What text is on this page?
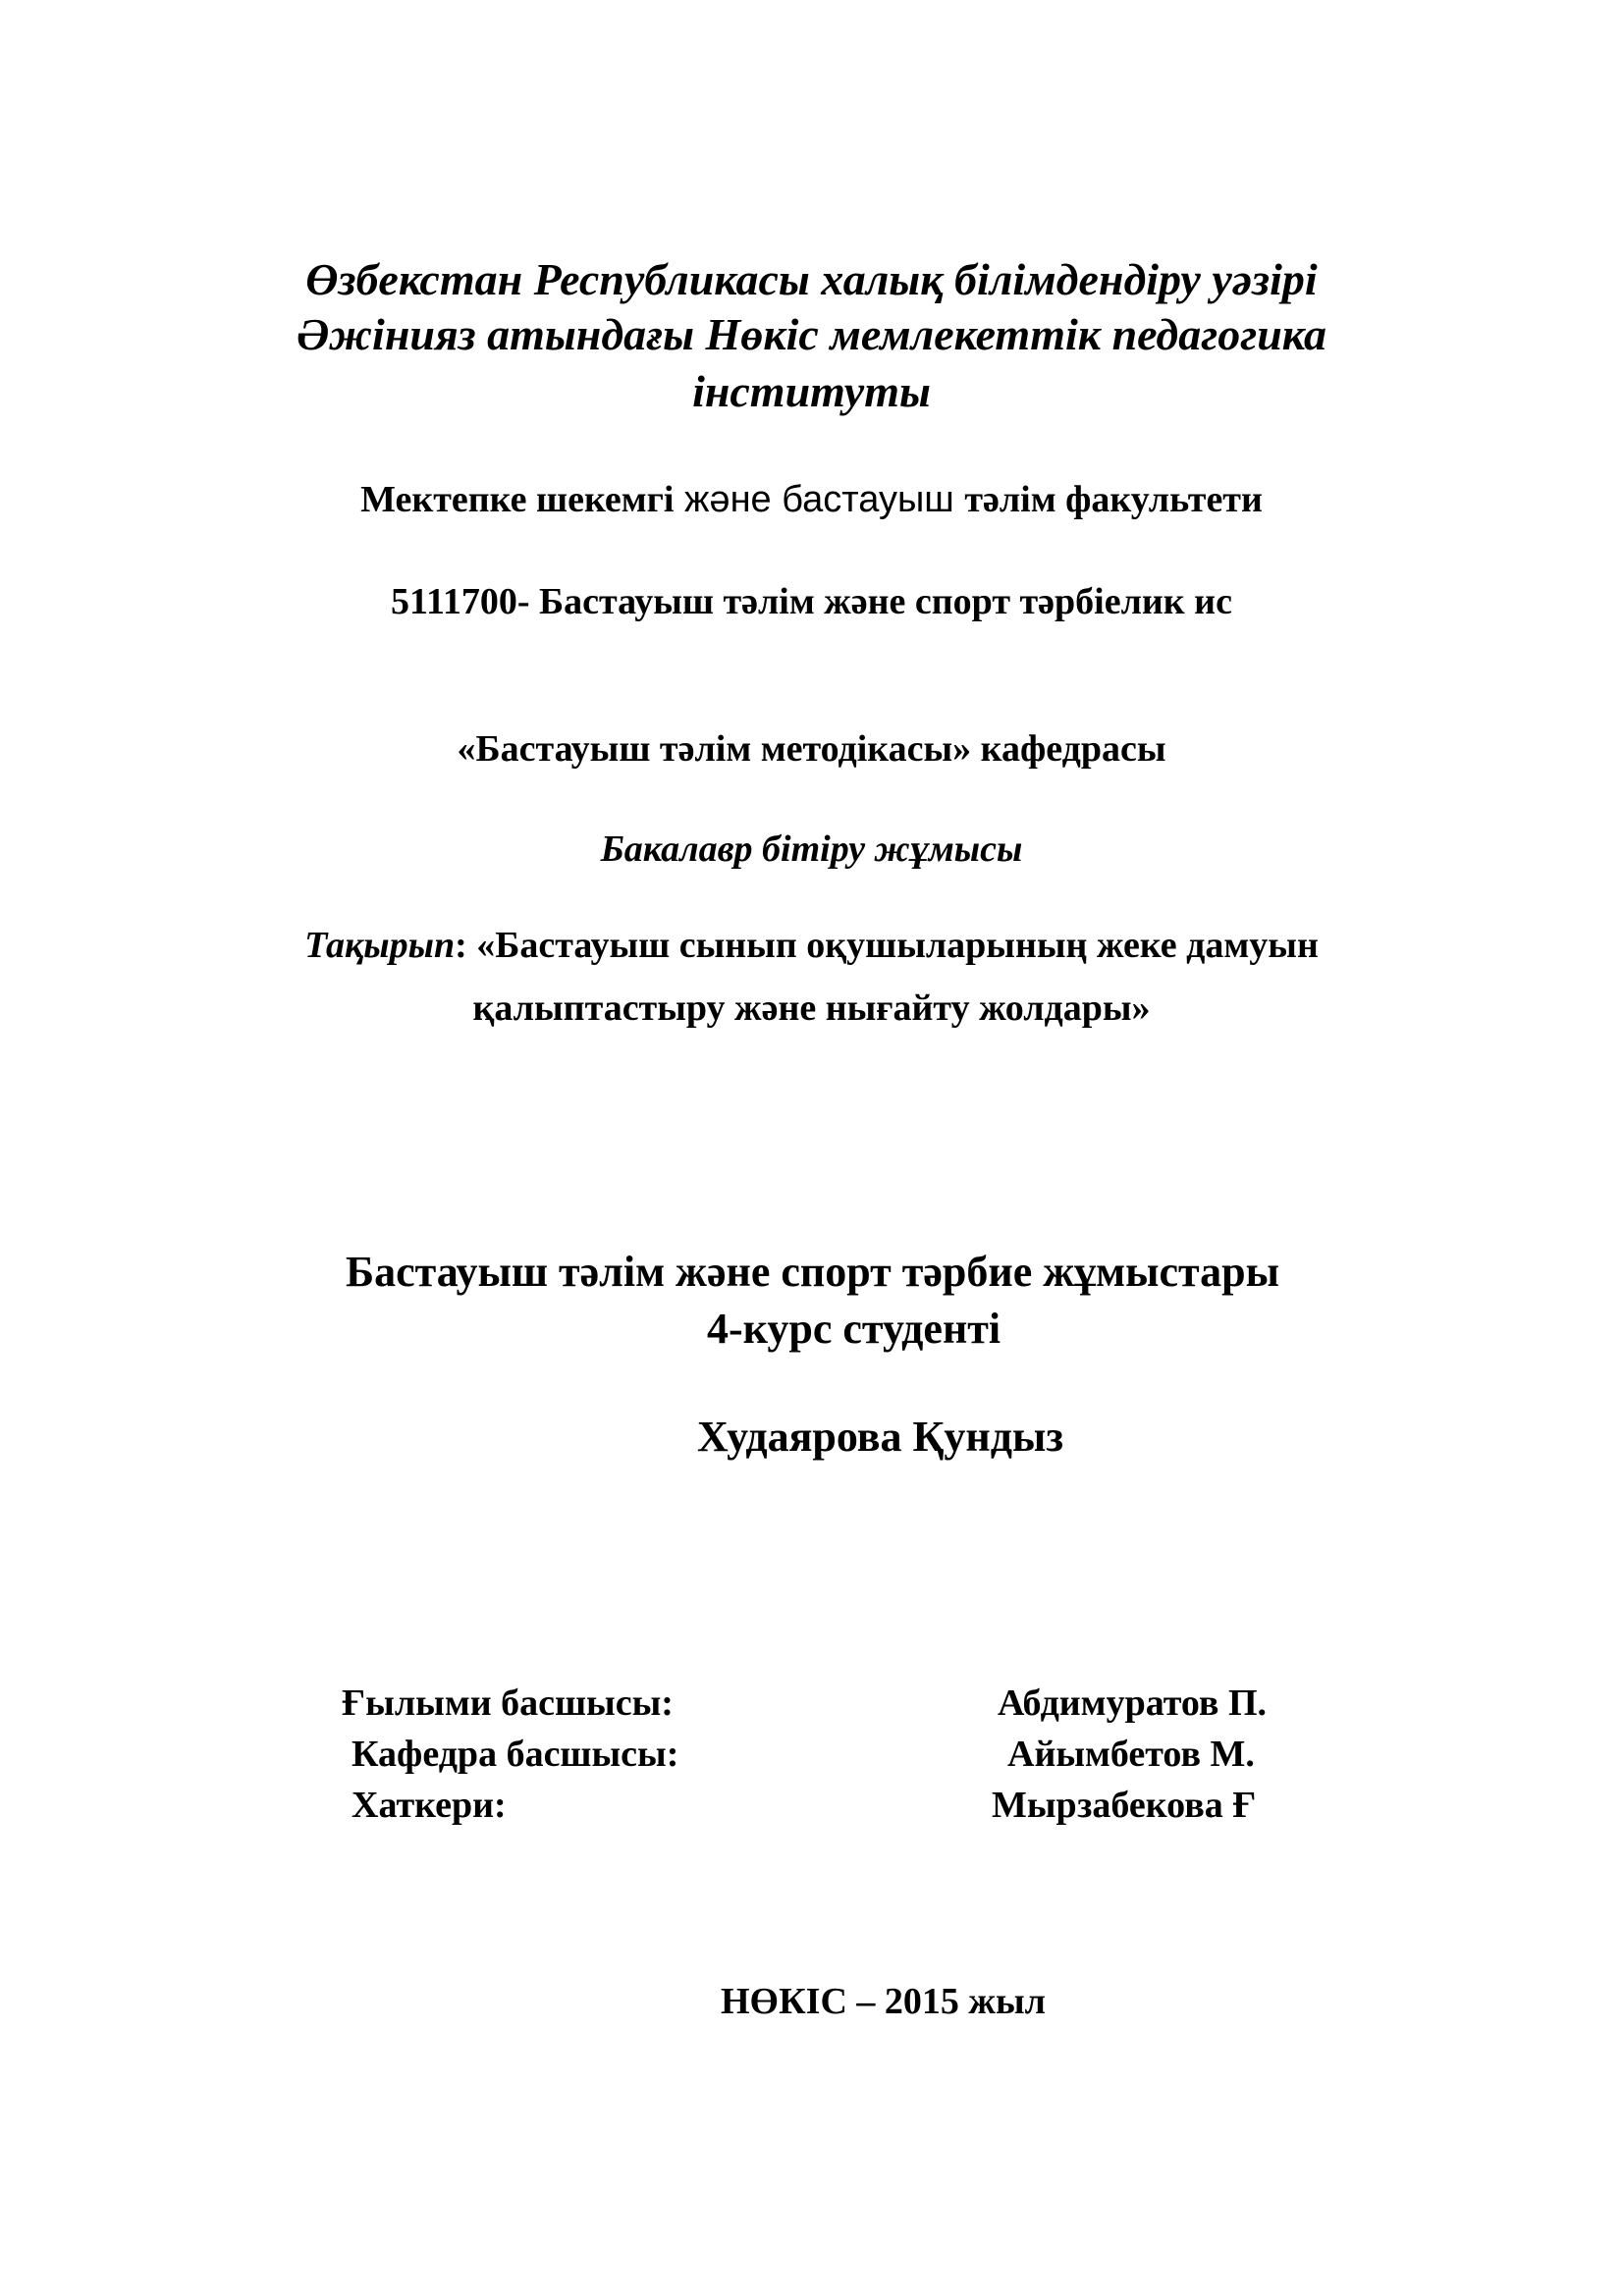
Өзбекстан Республикасы халық білімдендіру уәзірі
Әжінияз атындағы Нөкіс мемлекеттік педагогика
інституты
Мектепке шекемгі жəне бастауыш тəлім факультети
5111700- Бастауыш тəлім жəне спорт тəрбіелик ис
«Бастауыш тəлім методікасы» кафедрасы
Бакалавр бітіру жұмысы
Тақырып: «Бастауыш сынып оқушыларының жеке дамуын
қалыптастыру жəне нығайту жолдары»
Бастауыш тəлім жəне спорт тəрбие жұмыстары
4-курс студенті
Худаярова Қундыз
Ғылыми басшысы:	Абдимуратов П.
Кафедра басшысы:	Айымбетов М.
Хаткери:	Мырзабекова Ғ
НӨКІС – 2015 жыл
